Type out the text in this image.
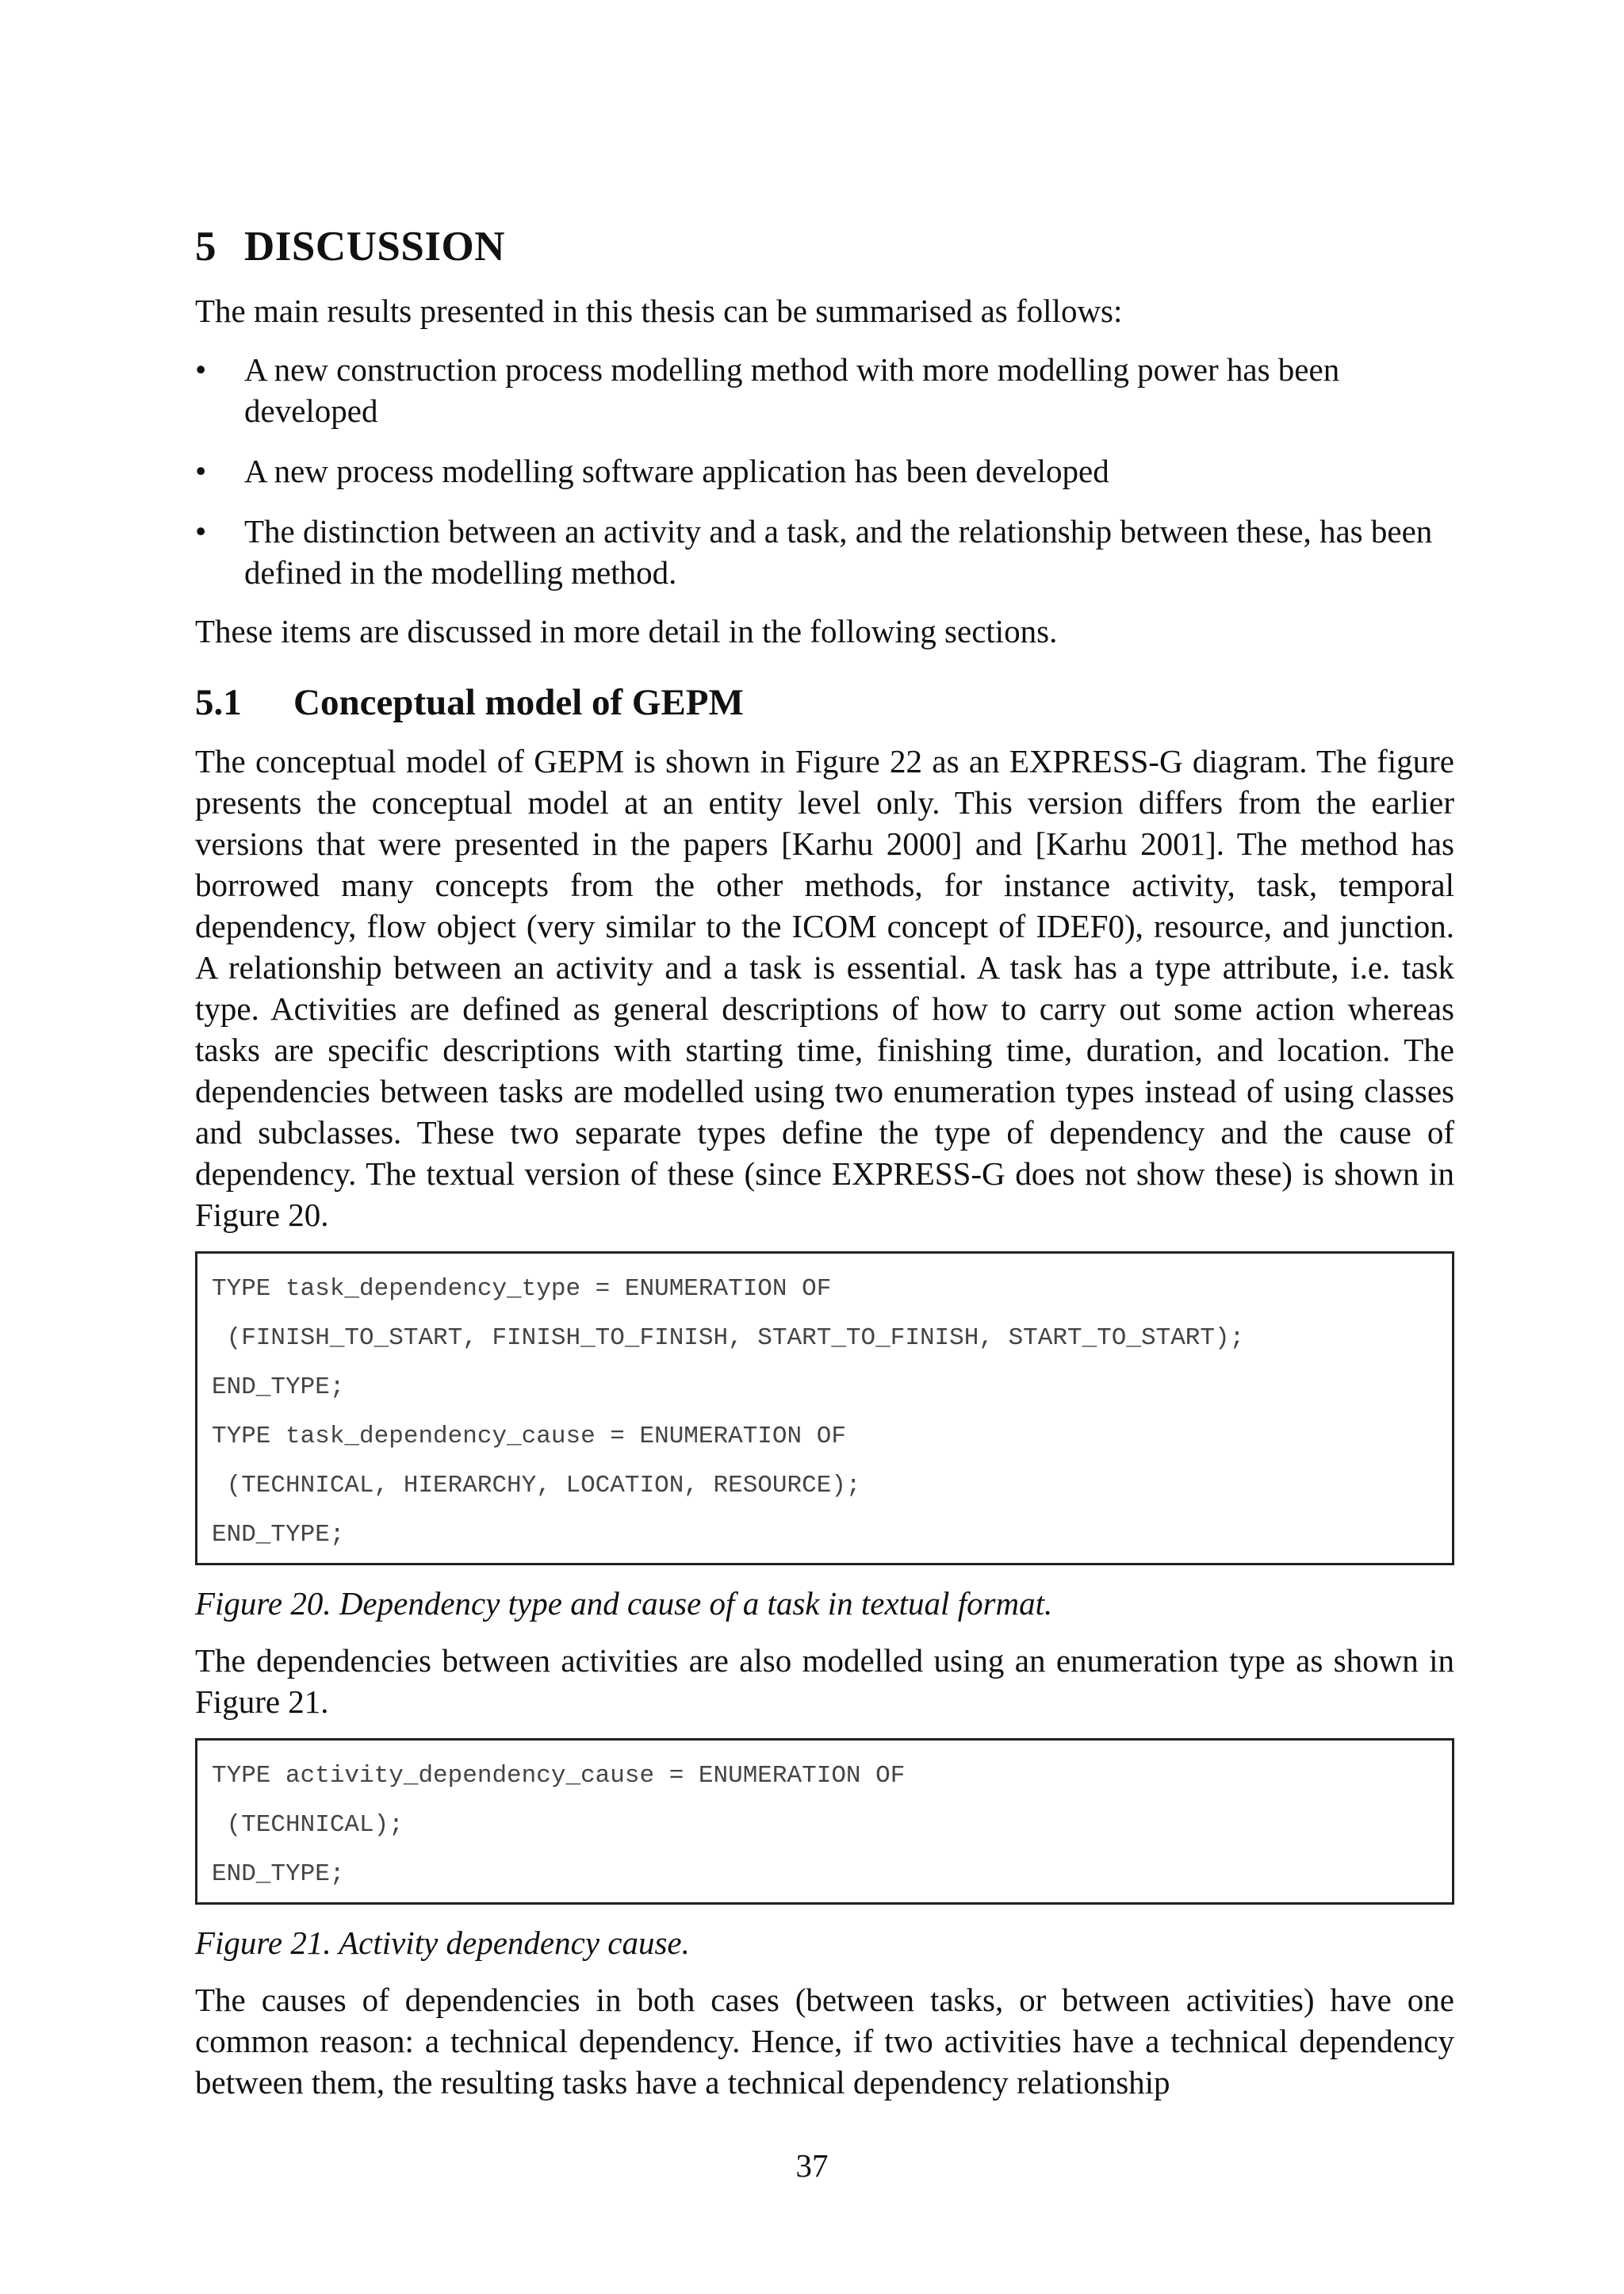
5 DISCUSSION

The main results presented in this thesis can be summarised as follows:

•	A new construction process modelling method with more modelling power has been developed
•	A new process modelling software application has been developed
•	The distinction between an activity and a task, and the relationship between these, has been defined in the modelling method.

These items are discussed in more detail in the following sections.

5.1 Conceptual model of GEPM

The conceptual model of GEPM is shown in Figure 22 as an EXPRESS-G diagram. The figure presents the conceptual model at an entity level only. This version differs from the earlier versions that were presented in the papers [Karhu 2000] and [Karhu 2001]. The method has borrowed many concepts from the other methods, for instance activity, task, temporal dependency, flow object (very similar to the ICOM concept of IDEF0), resource, and junction. A relationship between an activity and a task is essential. A task has a type attribute, i.e. task type. Activities are defined as general descriptions of how to carry out some action whereas tasks are specific descriptions with starting time, finishing time, duration, and location. The dependencies between tasks are modelled using two enumeration types instead of using classes and subclasses. These two separate types define the type of dependency and the cause of dependency. The textual version of these (since EXPRESS-G does not show these) is shown in Figure 20.

TYPE task_dependency_type = ENUMERATION OF
(FINISH_TO_START, FINISH_TO_FINISH, START_TO_FINISH, START_TO_START);
END_TYPE;
TYPE task_dependency_cause = ENUMERATION OF
(TECHNICAL, HIERARCHY, LOCATION, RESOURCE);
END_TYPE;

Figure 20. Dependency type and cause of a task in textual format.

The dependencies between activities are also modelled using an enumeration type as shown in Figure 21.

TYPE activity_dependency_cause = ENUMERATION OF
(TECHNICAL);
END_TYPE;

Figure 21. Activity dependency cause.

The causes of dependencies in both cases (between tasks, or between activities) have one common reason: a technical dependency. Hence, if two activities have a technical dependency between them, the resulting tasks have a technical dependency relationship

37
